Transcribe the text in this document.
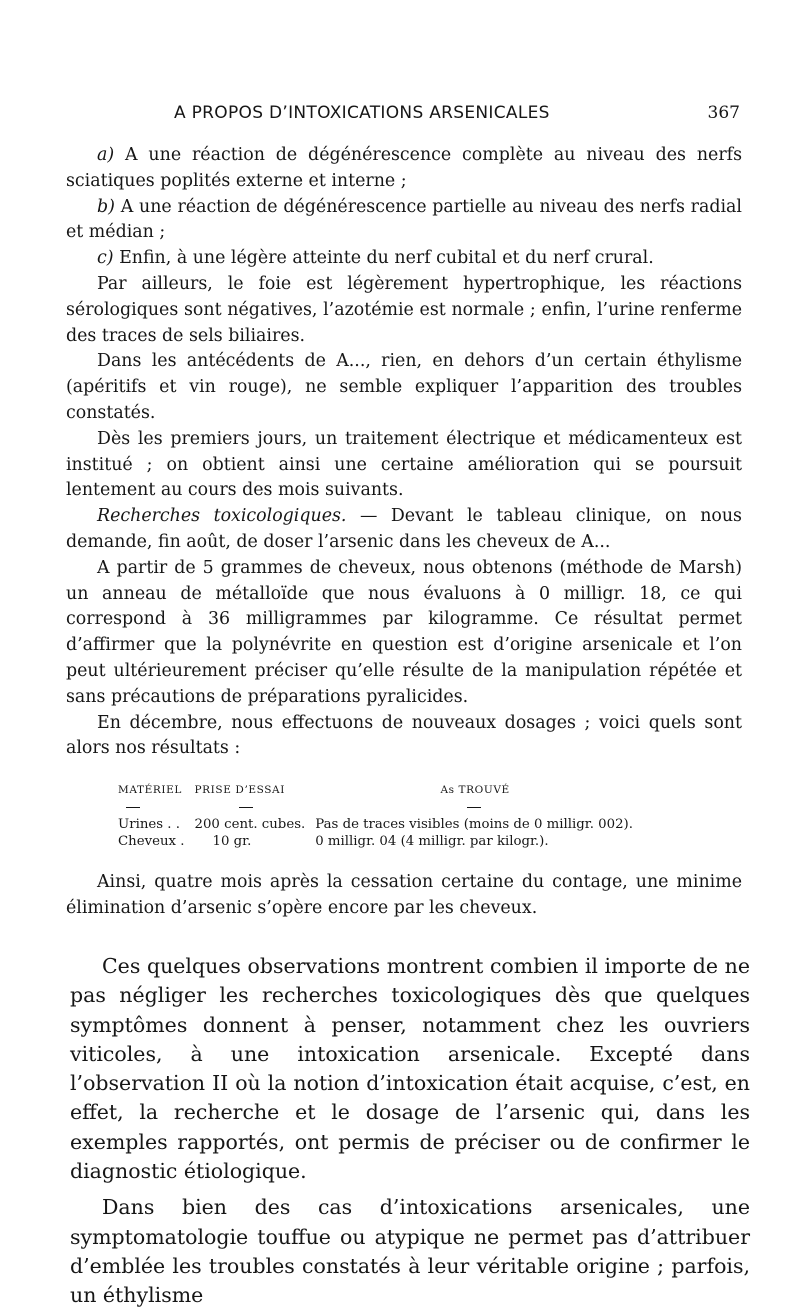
A PROPOS D’INTOXICATIONS ARSENICALES	367

a) A une réaction de dégénérescence complète au niveau des nerfs sciatiques poplités externe et interne ;

b) A une réaction de dégénérescence partielle au niveau des nerfs radial et médian ;

c) Enfin, à une légère atteinte du nerf cubital et du nerf crural.

Par ailleurs, le foie est légèrement hypertrophique, les réactions sérologiques sont négatives, l’azotémie est normale ; enfin, l’urine renferme des traces de sels biliaires.

Dans les antécédents de A..., rien, en dehors d’un certain éthylisme (apéritifs et vin rouge), ne semble expliquer l’apparition des troubles constatés.

Dès les premiers jours, un traitement électrique et médicamenteux est institué ; on obtient ainsi une certaine amélioration qui se poursuit lentement au cours des mois suivants.

Recherches toxicologiques. — Devant le tableau clinique, on nous demande, fin août, de doser l’arsenic dans les cheveux de A...

A partir de 5 grammes de cheveux, nous obtenons (méthode de Marsh) un anneau de métalloïde que nous évaluons à 0 milligr. 18, ce qui correspond à 36 milligrammes par kilogramme. Ce résultat permet d’affirmer que la polynévrite en question est d’origine arsenicale et l’on peut ultérieurement préciser qu’elle résulte de la manipulation répétée et sans précautions de préparations pyralicides.

En décembre, nous effectuons de nouveaux dosages ; voici quels sont alors nos résultats :

MATÉRIEL	PRISE D’ESSAI	As TROUVÉ

Urines . .	200 cent. cubes.	Pas de traces visibles (moins de 0 milligr. 002).
Cheveux .	10 gr.	0 milligr. 04 (4 milligr. par kilogr.).

Ainsi, quatre mois après la cessation certaine du contage, une minime élimination d’arsenic s’opère encore par les cheveux.

Ces quelques observations montrent combien il importe de ne pas négliger les recherches toxicologiques dès que quelques symptômes donnent à penser, notamment chez les ouvriers viticoles, à une intoxication arsenicale. Excepté dans l’observation II où la notion d’intoxication était acquise, c’est, en effet, la recherche et le dosage de l’arsenic qui, dans les exemples rapportés, ont permis de préciser ou de confirmer le diagnostic étiologique.

Dans bien des cas d’intoxications arsenicales, une symptomatologie touffue ou atypique ne permet pas d’attribuer d’emblée les troubles constatés à leur véritable origine ; parfois, un éthylisme
